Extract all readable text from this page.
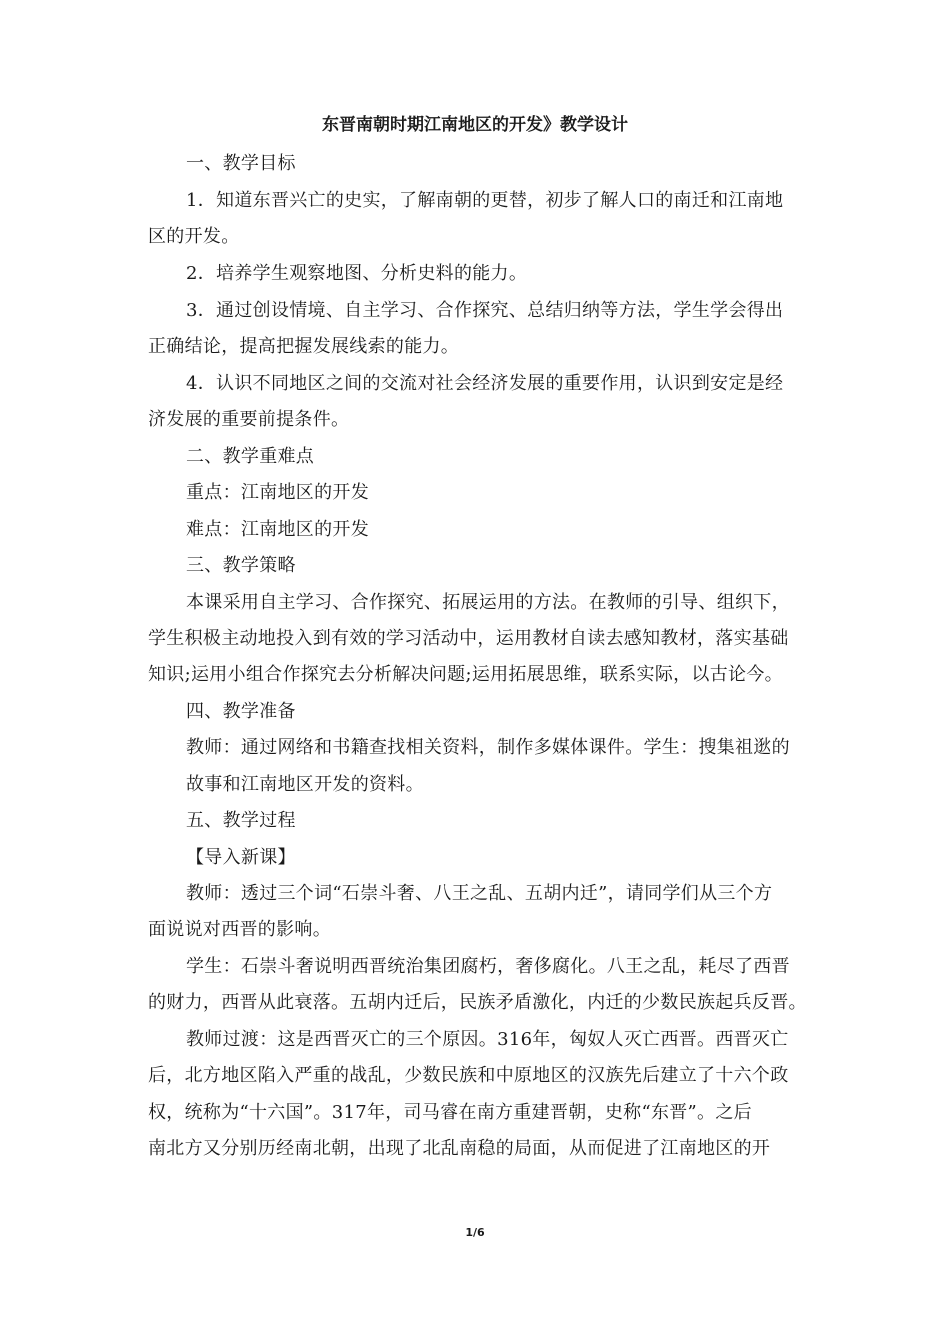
东晋南朝时期江南地区的开发》教学设计
一、教学目标
1．知道东晋兴亡的史实，了解南朝的更替，初步了解人口的南迁和江南地
区的开发。
2．培养学生观察地图、分析史料的能力。
3．通过创设情境、自主学习、合作探究、总结归纳等方法，学生学会得出
正确结论，提高把握发展线索的能力。
4．认识不同地区之间的交流对社会经济发展的重要作用，认识到安定是经
济发展的重要前提条件。
二、教学重难点
重点：江南地区的开发
难点：江南地区的开发
三、教学策略
本课采用自主学习、合作探究、拓展运用的方法。在教师的引导、组织下，
学生积极主动地投入到有效的学习活动中，运用教材自读去感知教材，落实基础
知识;运用小组合作探究去分析解决问题;运用拓展思维，联系实际，以古论今。
四、教学准备
教师：通过网络和书籍查找相关资料，制作多媒体课件。学生：搜集祖逖的
故事和江南地区开发的资料。
五、教学过程
【导入新课】
教师：透过三个词“石崇斗奢、八王之乱、五胡内迁”，请同学们从三个方
面说说对西晋的影响。
学生：石崇斗奢说明西晋统治集团腐朽，奢侈腐化。八王之乱，耗尽了西晋
的财力，西晋从此衰落。五胡内迁后，民族矛盾激化，内迁的少数民族起兵反晋。
教师过渡：这是西晋灭亡的三个原因。316年，匈奴人灭亡西晋。西晋灭亡
后，北方地区陷入严重的战乱，少数民族和中原地区的汉族先后建立了十六个政
权，统称为“十六国”。317年，司马睿在南方重建晋朝，史称“东晋”。之后
南北方又分别历经南北朝，出现了北乱南稳的局面，从而促进了江南地区的开
1/6
